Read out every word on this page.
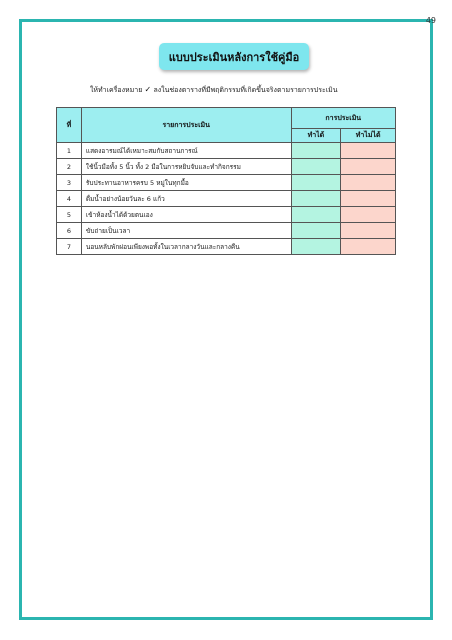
49
แบบประเมินหลังการใช้คู่มือ
ให้ทำเครื่องหมาย ✓ ลงในช่องตารางที่มีพฤติกรรมที่เกิดขึ้นจริงตามรายการประเมิน
ที่	รายการประเมิน	การประเมิน	
		ทำได้	ทำไม่ได้
1	แสดงอารมณ์ได้เหมาะสมกับสถานการณ์		
2	ใช้นิ้วมือทั้ง 5 นิ้ว ทั้ง 2 มือในการหยิบจับและทำกิจกรรม		
3	รับประทานอาหารครบ 5 หมู่ในทุกมื้อ		
4	ดื่มน้ำอย่างน้อยวันละ 6 แก้ว		
5	เข้าห้องน้ำได้ด้วยตนเอง		
6	ขับถ่ายเป็นเวลา		
7	นอนหลับพักผ่อนเพียงพอทั้งในเวลากลางวันและกลางคืน		
